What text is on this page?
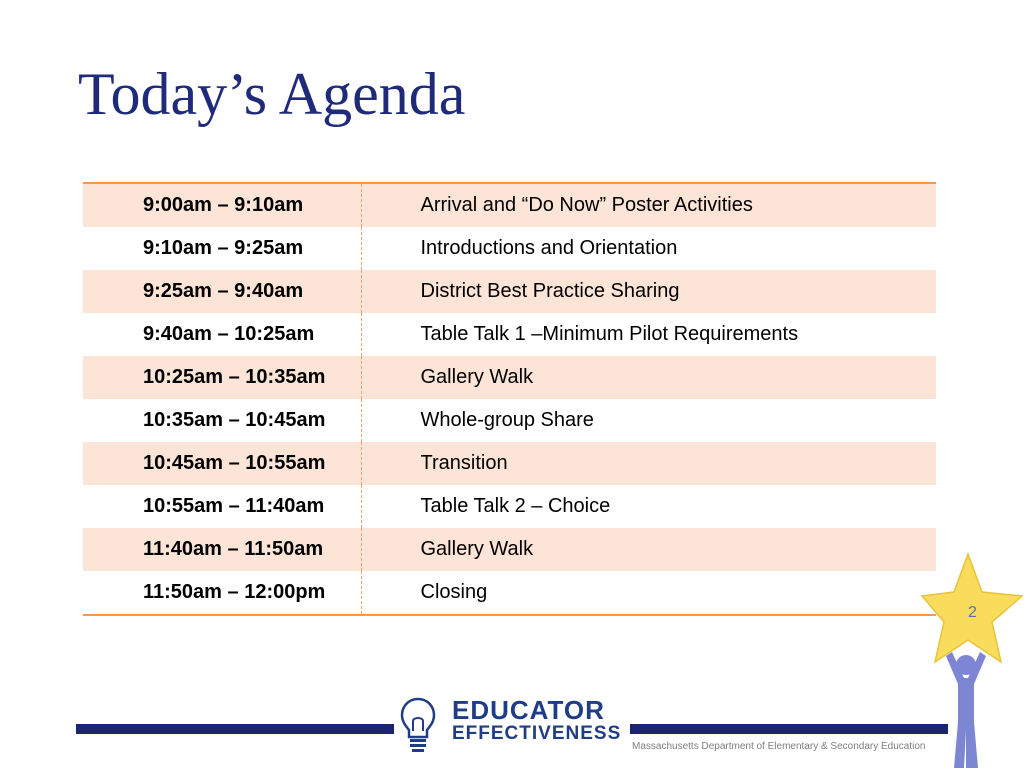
Today’s Agenda
9:00am – 9:10am	Arrival and “Do Now” Poster Activities
9:10am – 9:25am	Introductions and Orientation
9:25am – 9:40am	District Best Practice Sharing
9:40am – 10:25am	Table Talk 1 –Minimum Pilot Requirements
10:25am – 10:35am	Gallery Walk
10:35am – 10:45am	Whole-group Share
10:45am – 10:55am	Transition
10:55am – 11:40am	Table Talk 2 – Choice
11:40am – 11:50am	Gallery Walk
11:50am – 12:00pm	Closing
2
EDUCATOR
EFFECTIVENESS
Massachusetts Department of Elementary & Secondary Education
